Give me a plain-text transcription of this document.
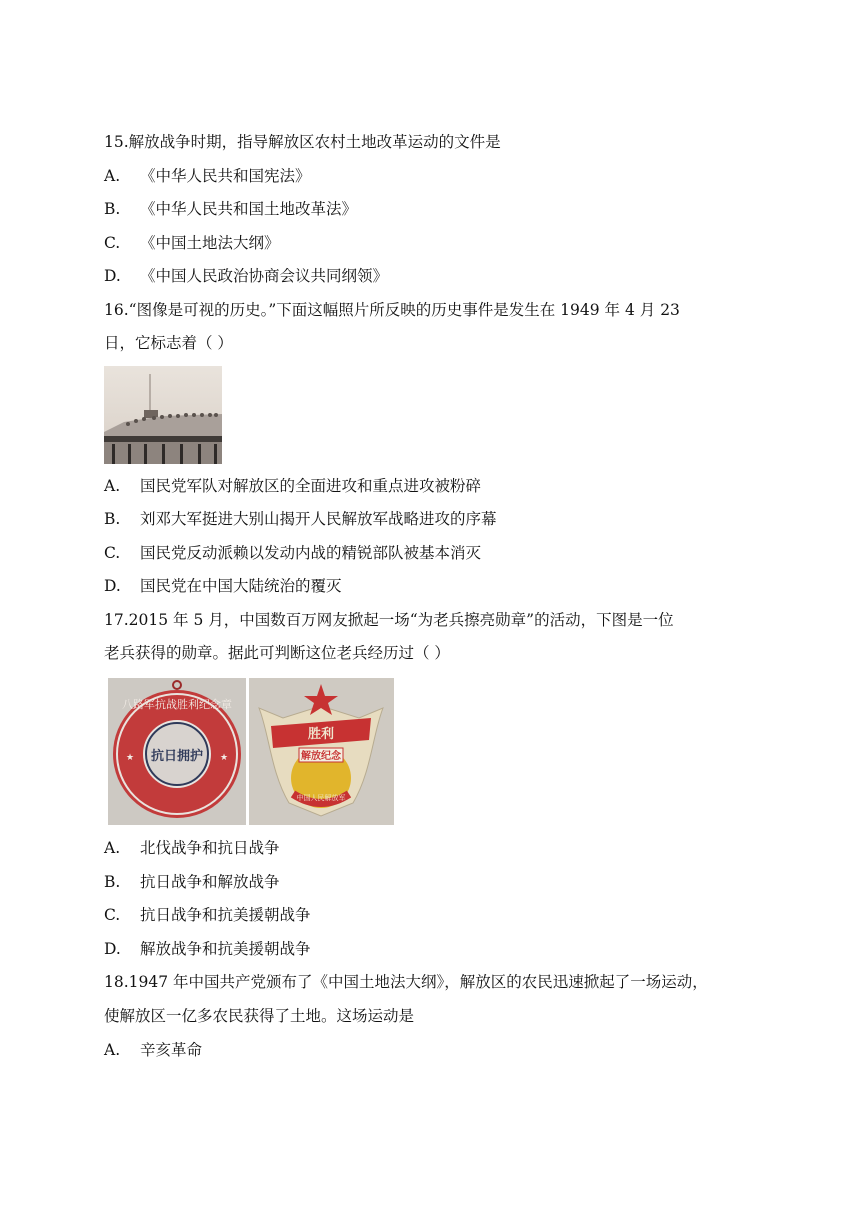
15.解放战争时期，指导解放区农村土地改革运动的文件是
A. 《中华人民共和国宪法》
B. 《中华人民共和国土地改革法》
C. 《中国土地法大纲》
D. 《中国人民政治协商会议共同纲领》
16.“图像是可视的历史。”下面这幅照片所反映的历史事件是发生在 1949 年 4 月 23
日，它标志着（ ）
A. 国民党军队对解放区的全面进攻和重点进攻被粉碎
B. 刘邓大军挺进大别山揭开人民解放军战略进攻的序幕
C. 国民党反动派赖以发动内战的精锐部队被基本消灭
D. 国民党在中国大陆统治的覆灭
17.2015 年 5 月，中国数百万网友掀起一场“为老兵擦亮勋章”的活动，下图是一位
老兵获得的勋章。据此可判断这位老兵经历过（ ）
八路军抗战胜利纪念章
抗日拥护
★	★
胜利
解放纪念
中国人民解放军
A. 北伐战争和抗日战争
B. 抗日战争和解放战争
C. 抗日战争和抗美援朝战争
D. 解放战争和抗美援朝战争
18.1947 年中国共产党颁布了《中国土地法大纲》，解放区的农民迅速掀起了一场运动，
使解放区一亿多农民获得了土地。这场运动是
A. 辛亥革命
